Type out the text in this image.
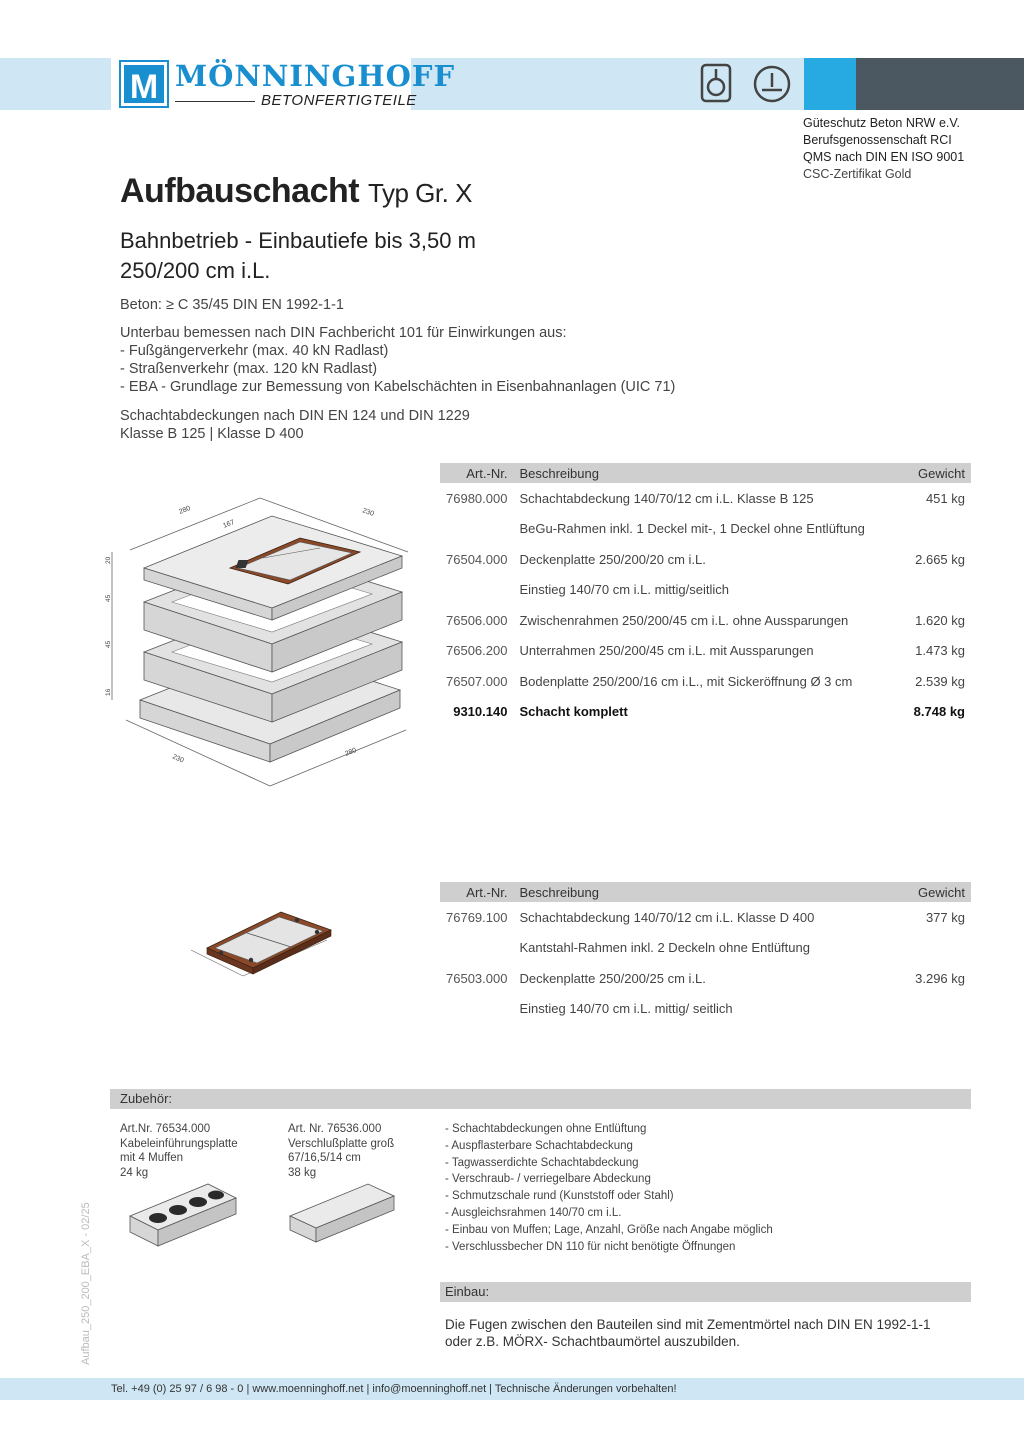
M MÖNNINGHOFF
BETONFERTIGTEILE
Güteschutz Beton NRW e.V.
Berufsgenossenschaft RCI
QMS nach DIN EN ISO 9001
CSC-Zertifikat Gold
Aufbauschacht Typ Gr. X
Bahnbetrieb - Einbautiefe bis 3,50 m
250/200 cm i.L.
Beton: ≥ C 35/45 DIN EN 1992-1-1
Unterbau bemessen nach DIN Fachbericht 101 für Einwirkungen aus:
- Fußgängerverkehr (max. 40 kN Radlast)
- Straßenverkehr (max. 120 kN Radlast)
- EBA - Grundlage zur Bemessung von Kabelschächten in Eisenbahnanlagen (UIC 71)
Schachtabdeckungen nach DIN EN 124 und DIN 1229
Klasse B 125 | Klasse D 400
280	230
167
20
45
45
16
230
280
Art.-Nr.	Beschreibung	Gewicht
76980.000	Schachtabdeckung 140/70/12 cm i.L. Klasse B 125	451 kg
	BeGu-Rahmen inkl. 1 Deckel mit-, 1 Deckel ohne Entlüftung	
76504.000	Deckenplatte 250/200/20 cm i.L.	2.665 kg
	Einstieg 140/70 cm i.L. mittig/seitlich	
76506.000	Zwischenrahmen 250/200/45 cm i.L. ohne Aussparungen	1.620 kg
76506.200	Unterrahmen 250/200/45 cm i.L. mit Aussparungen	1.473 kg
76507.000	Bodenplatte 250/200/16 cm i.L., mit Sickeröffnung Ø 3 cm	2.539 kg
9310.140	Schacht komplett	8.748 kg
Art.-Nr.	Beschreibung	Gewicht
76769.100	Schachtabdeckung 140/70/12 cm i.L. Klasse D 400	377 kg
	Kantstahl-Rahmen inkl. 2 Deckeln ohne Entlüftung	
76503.000	Deckenplatte 250/200/25 cm i.L.	3.296 kg
	Einstieg 140/70 cm i.L. mittig/ seitlich	
Zubehör:
Art.Nr. 76534.000
Kabeleinführungsplatte
mit 4 Muffen
24 kg
Art. Nr. 76536.000
Verschlußplatte groß
67/16,5/14 cm
38 kg
- Schachtabdeckungen ohne Entlüftung
- Auspflasterbare Schachtabdeckung
- Tagwasserdichte Schachtabdeckung
- Verschraub- / verriegelbare Abdeckung
- Schmutzschale rund (Kunststoff oder Stahl)
- Ausgleichsrahmen 140/70 cm i.L.
- Einbau von Muffen; Lage, Anzahl, Größe nach Angabe möglich
- Verschlussbecher DN 110 für nicht benötigte Öffnungen
Einbau:
Die Fugen zwischen den Bauteilen sind mit Zementmörtel nach DIN EN 1992-1-1
oder z.B. MÖRX- Schachtbaumörtel auszubilden.
Aufbau_250_200_EBA_X - 02/25
Tel. +49 (0) 25 97 / 6 98 - 0 | www.moenninghoff.net | info@moenninghoff.net | Technische Änderungen vorbehalten!
